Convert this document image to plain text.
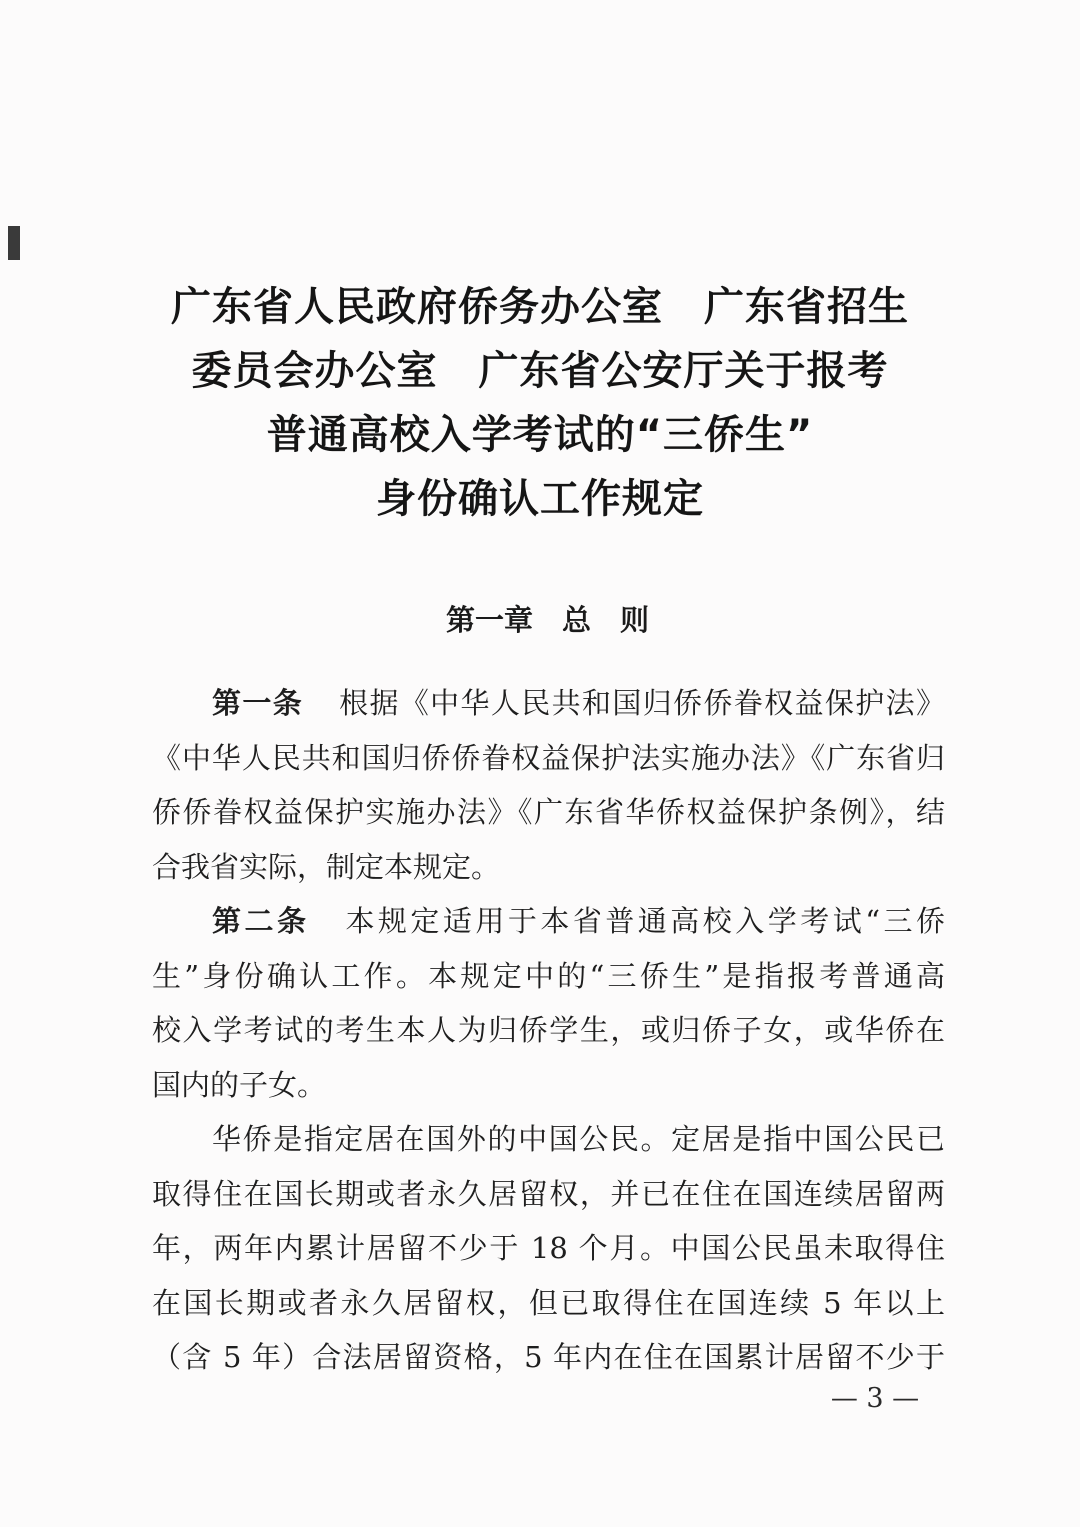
广东省人民政府侨务办公室　广东省招生
委员会办公室　广东省公安厅关于报考
普通高校入学考试的“三侨生”
身份确认工作规定
第一章　总　则
第一条 根据《中华人民共和国归侨侨眷权益保护法》
《中华人民共和国归侨侨眷权益保护法实施办法》《广东省归
侨侨眷权益保护实施办法》《广东省华侨权益保护条例》，结
合我省实际，制定本规定。
第二条 本规定适用于本省普通高校入学考试“三侨
生”身份确认工作。本规定中的“三侨生”是指报考普通高
校入学考试的考生本人为归侨学生，或归侨子女，或华侨在
国内的子女。
华侨是指定居在国外的中国公民。定居是指中国公民已
取得住在国长期或者永久居留权，并已在住在国连续居留两
年，两年内累计居留不少于 18 个月。中国公民虽未取得住
在国长期或者永久居留权，但已取得住在国连续 5 年以上
（含 5 年）合法居留资格，5 年内在住在国累计居留不少于
— 3 —
